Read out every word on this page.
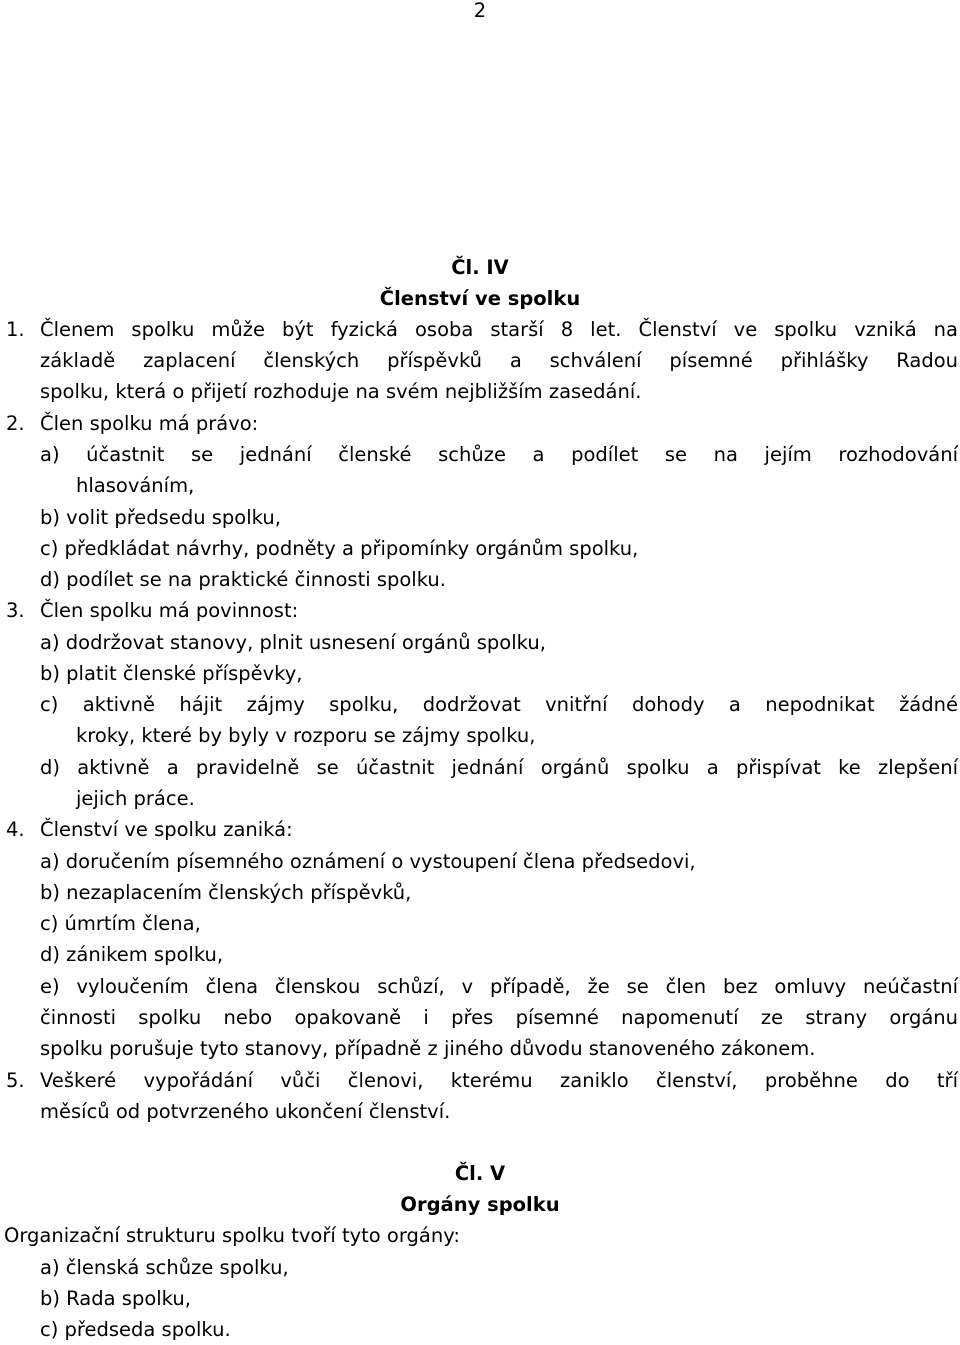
2
Čl. IV
Členství ve spolku
1. Členem spolku může být fyzická osoba starší 8 let. Členství ve spolku vzniká na
základě zaplacení členských příspěvků a schválení písemné přihlášky Radou
spolku, která o přijetí rozhoduje na svém nejbližším zasedání.
2. Člen spolku má právo:
a) účastnit se jednání členské schůze a podílet se na jejím rozhodování
hlasováním,
b) volit předsedu spolku,
c) předkládat návrhy, podněty a připomínky orgánům spolku,
d) podílet se na praktické činnosti spolku.
3. Člen spolku má povinnost:
a) dodržovat stanovy, plnit usnesení orgánů spolku,
b) platit členské příspěvky,
c) aktivně hájit zájmy spolku, dodržovat vnitřní dohody a nepodnikat žádné
kroky, které by byly v rozporu se zájmy spolku,
d) aktivně a pravidelně se účastnit jednání orgánů spolku a přispívat ke zlepšení
jejich práce.
4. Členství ve spolku zaniká:
a) doručením písemného oznámení o vystoupení člena předsedovi,
b) nezaplacením členských příspěvků,
c) úmrtím člena,
d) zánikem spolku,
e) vyloučením člena členskou schůzí, v případě, že se člen bez omluvy neúčastní
činnosti spolku nebo opakovaně i přes písemné napomenutí ze strany orgánu
spolku porušuje tyto stanovy, případně z jiného důvodu stanoveného zákonem.
5. Veškeré vypořádání vůči členovi, kterému zaniklo členství, proběhne do tří
měsíců od potvrzeného ukončení členství.
Čl. V
Orgány spolku
Organizační strukturu spolku tvoří tyto orgány:
a) členská schůze spolku,
b) Rada spolku,
c) předseda spolku.
